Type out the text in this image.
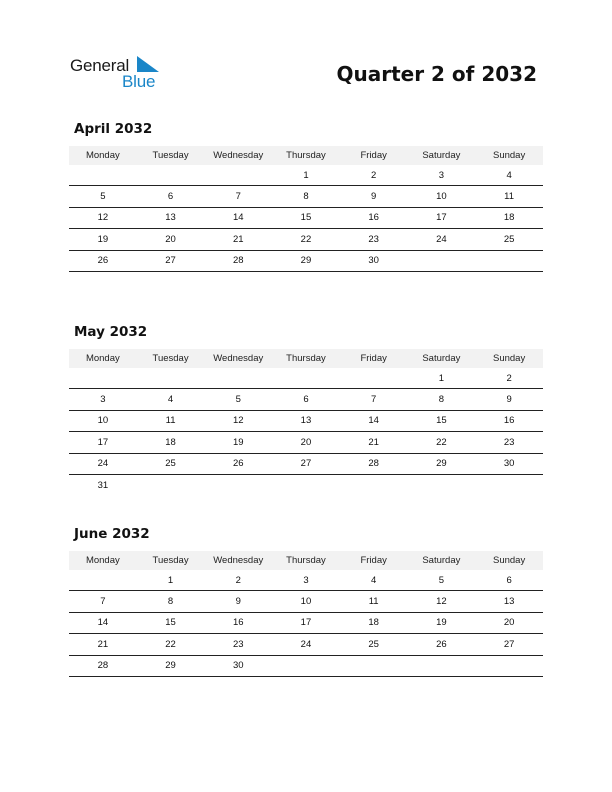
General
Blue	Quarter 2 of 2032
April 2032
Monday	Tuesday	Wednesday	Thursday	Friday	Saturday	Sunday
			1	2	3	4
5	6	7	8	9	10	11
12	13	14	15	16	17	18
19	20	21	22	23	24	25
26	27	28	29	30		
May 2032
Monday	Tuesday	Wednesday	Thursday	Friday	Saturday	Sunday
					1	2
3	4	5	6	7	8	9
10	11	12	13	14	15	16
17	18	19	20	21	22	23
24	25	26	27	28	29	30
31						
June 2032
Monday	Tuesday	Wednesday	Thursday	Friday	Saturday	Sunday
	1	2	3	4	5	6
7	8	9	10	11	12	13
14	15	16	17	18	19	20
21	22	23	24	25	26	27
28	29	30				
